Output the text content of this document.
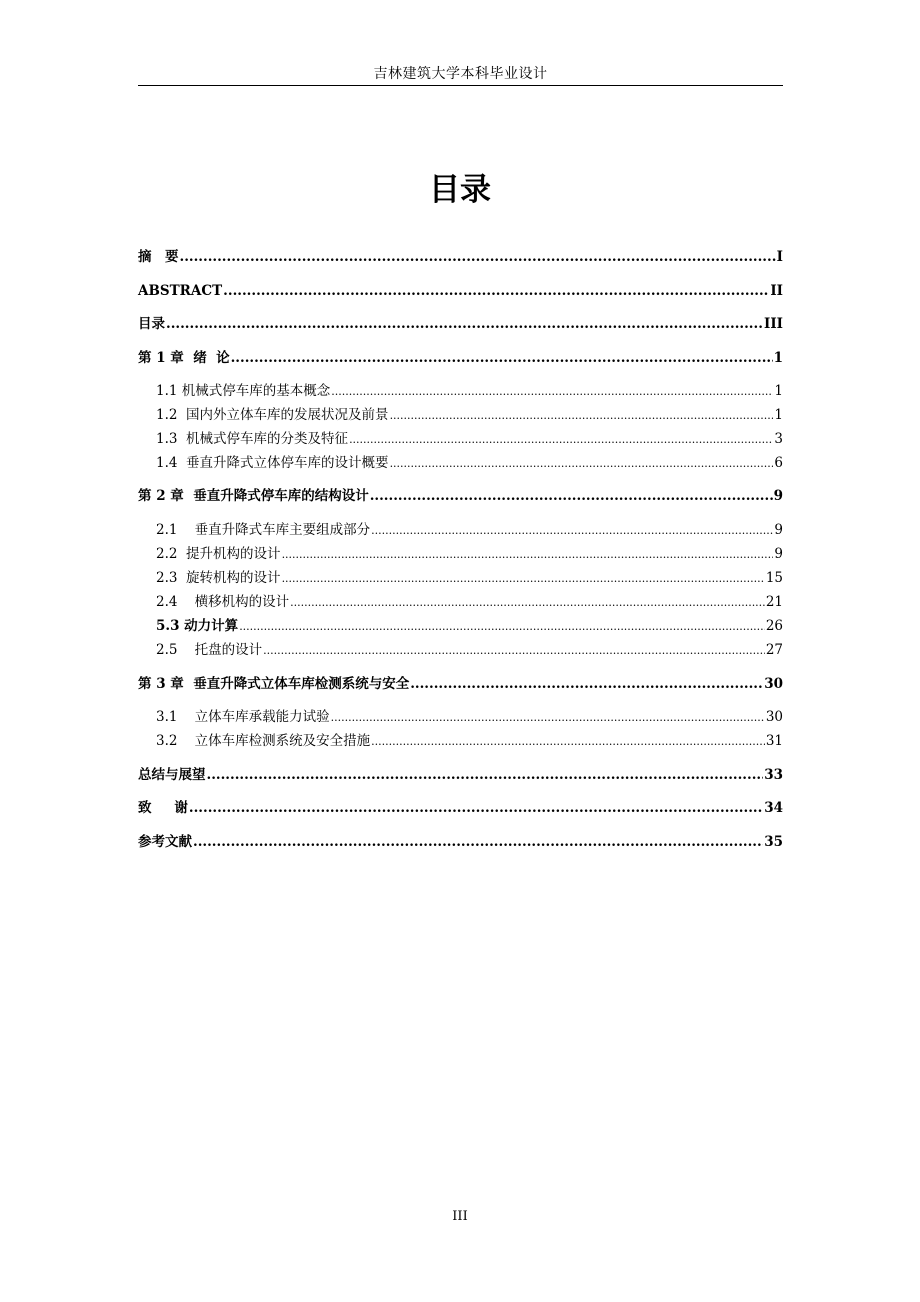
吉林建筑大学本科毕业设计
目录
摘　要 .....	I
ABSTRACT .....	II
目录 .....	III
第 1 章  绪  论 .....	1
1.1 机械式停车库的基本概念 .....	1
1.2  国内外立体车库的发展状况及前景 .....	1
1.3  机械式停车库的分类及特征 .....	3
1.4  垂直升降式立体停车库的设计概要 .....	6
第 2 章  垂直升降式停车库的结构设计 .....	9
2.1    垂直升降式车库主要组成部分 .....	9
2.2  提升机构的设计 .....	9
2.3  旋转机构的设计 .....	15
2.4    横移机构的设计 .....	21
5.3 动力计算 .....	26
2.5    托盘的设计 .....	27
第 3 章  垂直升降式立体车库检测系统与安全 .....	30
3.1    立体车库承载能力试验 .....	30
3.2    立体车库检测系统及安全措施 .....	31
总结与展望 .....	33
致　  谢 .....	34
参考文献 .....	35
III
